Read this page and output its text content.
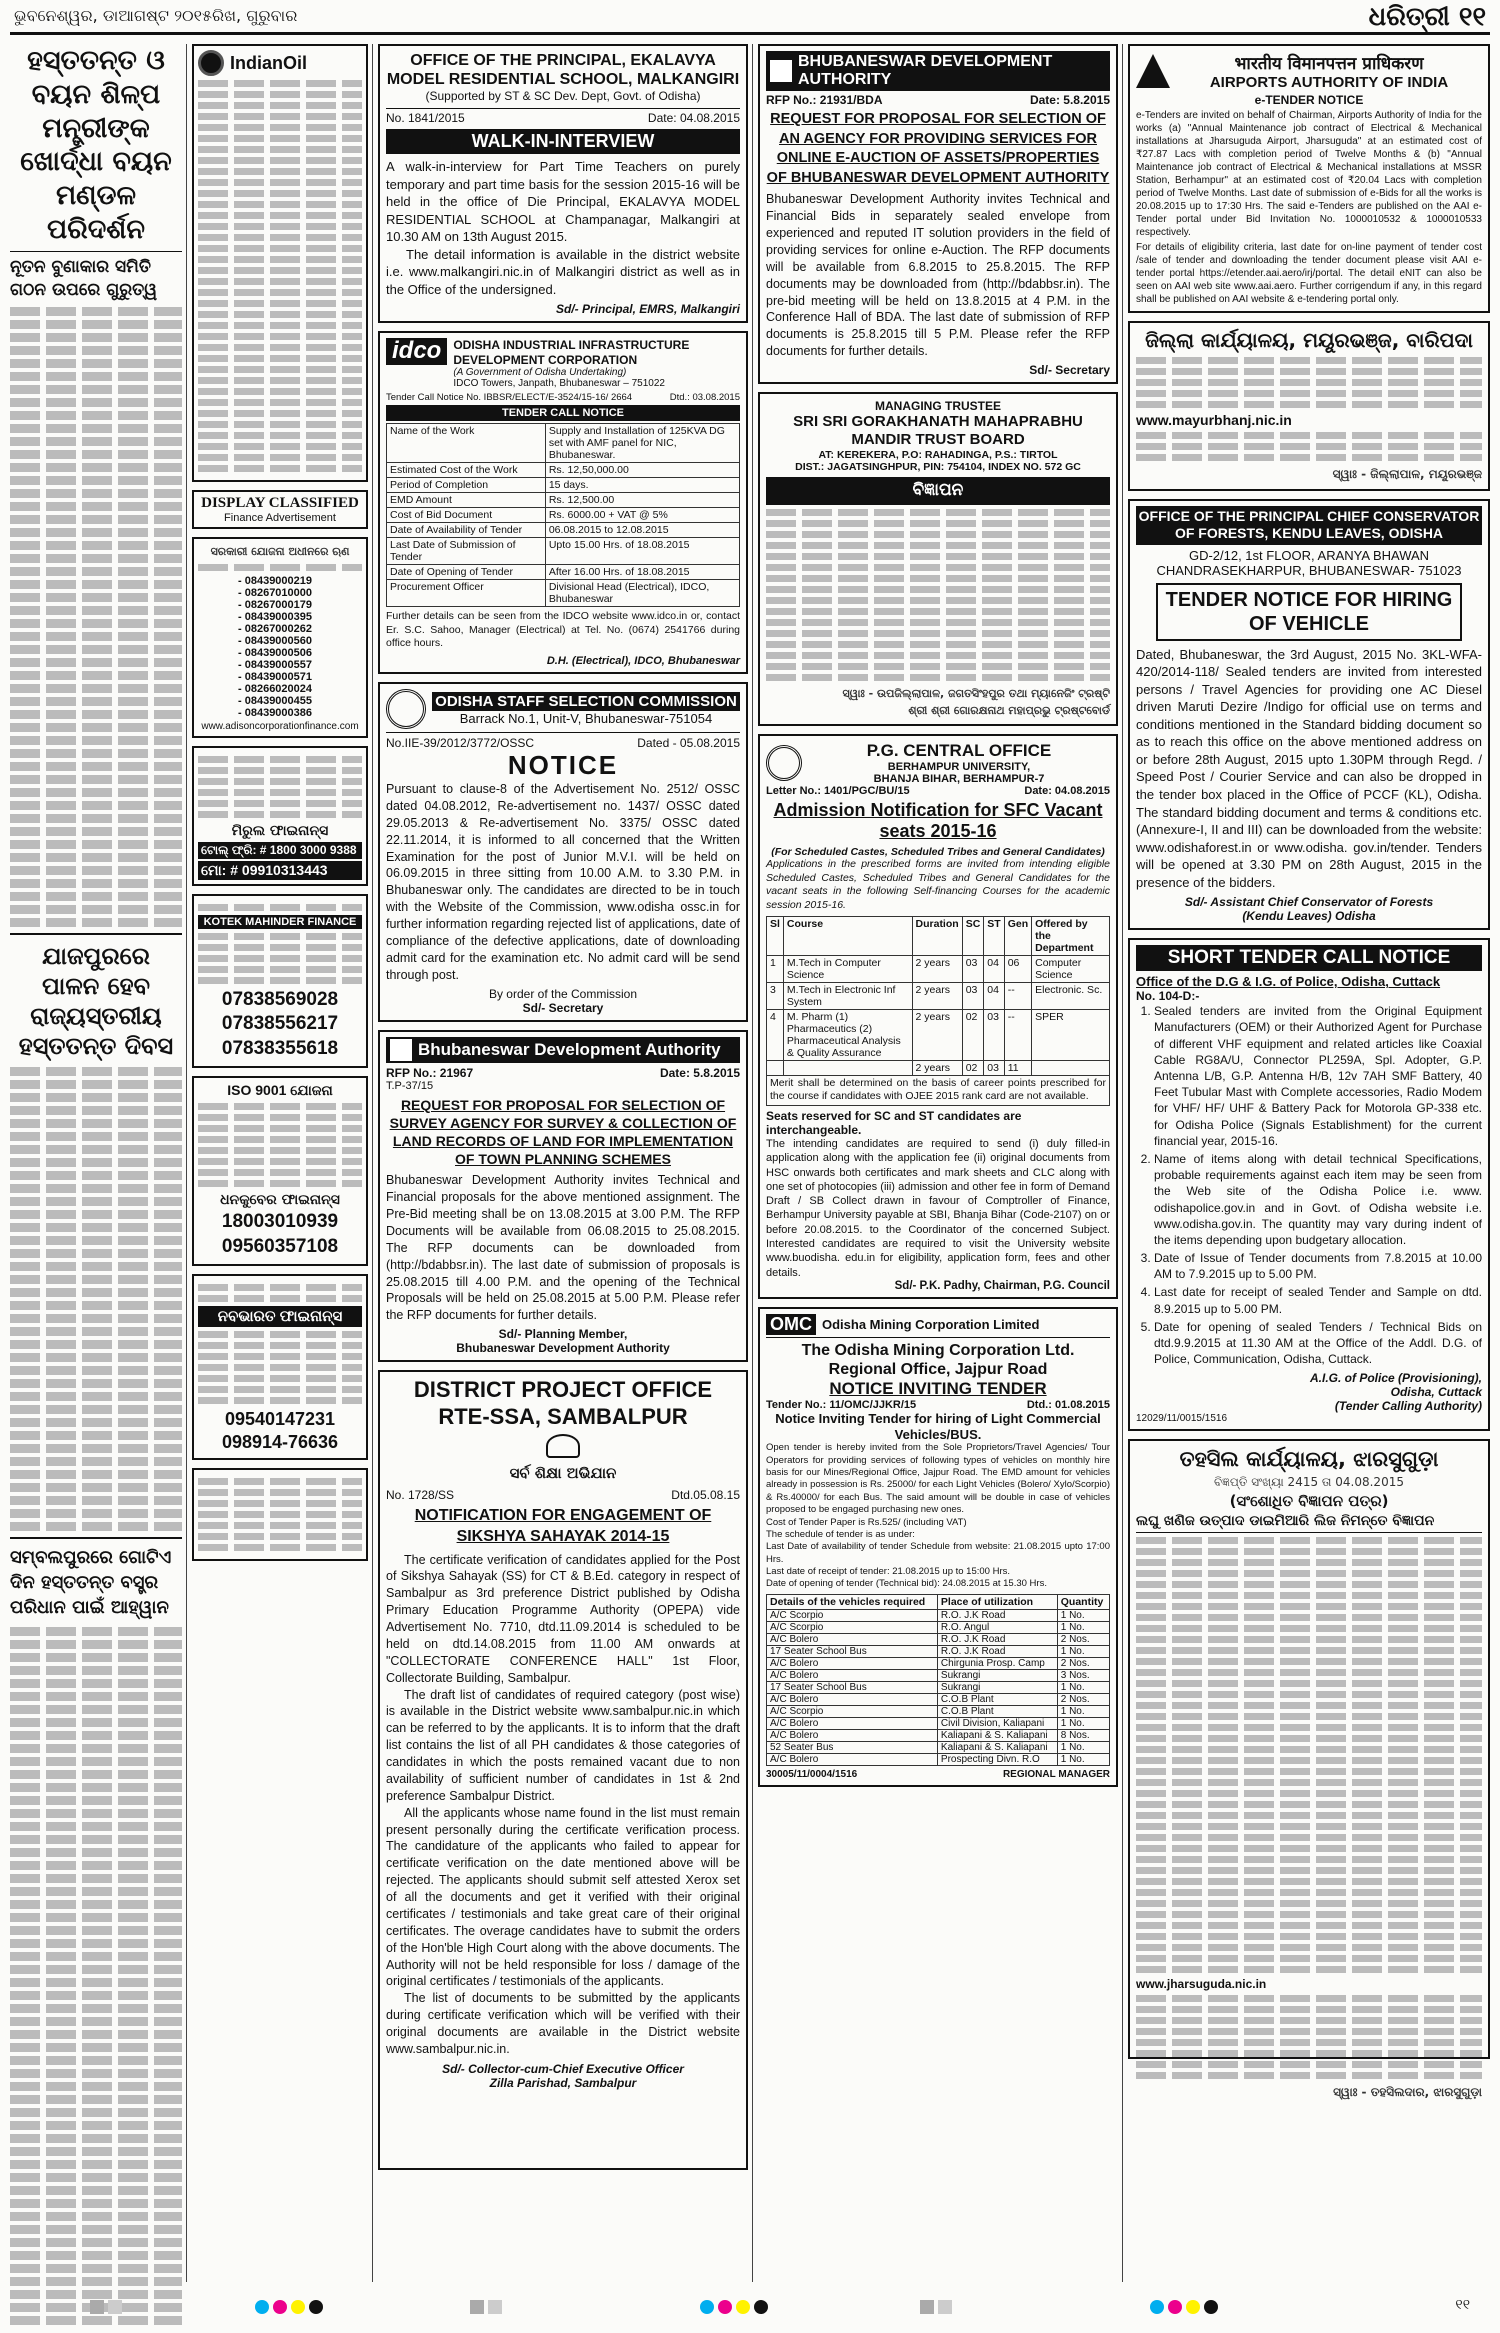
ଭୁବନେଶ୍ୱର, ଡାଆଗଷ୍ଟ ୨୦୧୫ରିଖ, ଗୁରୁବାର	ଧରିତ୍ରୀ ୧୧
ହସ୍ତତନ୍ତ ଓ ବୟନ ଶିଳ୍ପ ମନ୍ତ୍ରୀଙ୍କ ଖୋର୍ଦ୍ଧା ବୟନ ମଣ୍ଡଳ ପରିଦର୍ଶନ
ନୂତନ ବୁଣାକାର ସମିତି ଗଠନ ଉପରେ ଗୁରୁତ୍ୱ
ଯାଜପୁରରେ ପାଳନ ହେବ ରାଜ୍ୟସ୍ତରୀୟ ହସ୍ତତନ୍ତ ଦିବସ
ସମ୍ବଲପୁରରେ ଗୋଟିଏ ଦିନ ହସ୍ତତନ୍ତ ବସ୍ତ୍ର ପରିଧାନ ପାଇଁ ଆହ୍ୱାନ
IndianOil
DISPLAY CLASSIFIED
Finance Advertisement
ସରକାରୀ ଯୋଜନା ଅଧୀନରେ ଋଣ
- 08439000219
- 08267010000
- 08267000179
- 08439000395
- 08267000262
- 08439000560
- 08439000506
- 08439000557
- 08439000571
- 08266020024
- 08439000455
- 08439000386
www.adisoncorporationfinance.com
ମିରୁଲ ଫାଇନାନ୍ସ
ଟୋଲ୍ ଫ୍ରି: # 1800 3000 9388
ମୋ: # 09910313443
KOTEK MAHINDER FINANCE
07838569028
07838556217
07838355618
ISO 9001 ଯୋଜନା
ଧନକୁବେର ଫାଇନାନ୍ସ
18003010939
09560357108
ନବଭାରତ ଫାଇନାନ୍ସ
09540147231
098914-76636
OFFICE OF THE PRINCIPAL, EKALAVYA MODEL RESIDENTIAL SCHOOL, MALKANGIRI
(Supported by ST & SC Dev. Dept, Govt. of Odisha)
No. 1841/2015	Date: 04.08.2015
WALK-IN-INTERVIEW
A walk-in-interview for Part Time Teachers on purely temporary and part time basis for the session 2015-16 will be held in the office of Die Principal, EKALAVYA MODEL RESIDENTIAL SCHOOL at Champanagar, Malkangiri at 10.30 AM on 13th August 2015.
The detail information is available in the district website i.e. www.malkangiri.nic.in of Malkangiri district as well as in the Office of the undersigned.
Sd/- Principal, EMRS, Malkangiri
idco	ODISHA INDUSTRIAL INFRASTRUCTURE DEVELOPMENT CORPORATION
(A Government of Odisha Undertaking)
IDCO Towers, Janpath, Bhubaneswar – 751022
Tender Call Notice No. IBBSR/ELECT/E-3524/15-16/ 2664	Dtd.: 03.08.2015
TENDER CALL NOTICE
Name of the Work	Supply and Installation of 125KVA DG set with AMF panel for NIC, Bhubaneswar.
Estimated Cost of the Work	Rs. 12,50,000.00
Period of Completion	15 days.
EMD Amount	Rs. 12,500.00
Cost of Bid Document	Rs. 6000.00 + VAT @ 5%
Date of Availability of Tender	06.08.2015 to 12.08.2015
Last Date of Submission of Tender	Upto 15.00 Hrs. of 18.08.2015
Date of Opening of Tender	After 16.00 Hrs. of 18.08.2015
Procurement Officer	Divisional Head (Electrical), IDCO, Bhubaneswar
Further details can be seen from the IDCO website www.idco.in or, contact Er. S.C. Sahoo, Manager (Electrical) at Tel. No. (0674) 2541766 during office hours.
D.H. (Electrical), IDCO, Bhubaneswar
ODISHA STAFF SELECTION COMMISSION
Barrack No.1, Unit-V, Bhubaneswar-751054
No.IIE-39/2012/3772/OSSC	Dated - 05.08.2015
NOTICE
Pursuant to clause-8 of the Advertisement No. 2512/ OSSC dated 04.08.2012, Re-advertisement no. 1437/ OSSC dated 29.05.2013 & Re-advertisement No. 3375/ OSSC dated 22.11.2014, it is informed to all concerned that the Written Examination for the post of Junior M.V.I. will be held on 06.09.2015 in three sitting from 10.00 A.M. to 3.30 P.M. in Bhubaneswar only. The candidates are directed to be in touch with the Website of the Commission, www.odisha ossc.in for further information regarding rejected list of applications, date of compliance of the defective applications, date of downloading admit card for the examination etc. No admit card will be send through post.
By order of the Commission
Sd/- Secretary
Bhubaneswar Development Authority
RFP No.: 21967	Date: 5.8.2015
T.P-37/15
REQUEST FOR PROPOSAL FOR SELECTION OF SURVEY AGENCY FOR SURVEY & COLLECTION OF LAND RECORDS OF LAND FOR IMPLEMENTATION OF TOWN PLANNING SCHEMES
Bhubaneswar Development Authority invites Technical and Financial proposals for the above mentioned assignment. The Pre-Bid meeting shall be on 13.08.2015 at 3.00 P.M. The RFP Documents will be available from 06.08.2015 to 25.08.2015. The RFP documents can be downloaded from (http://bdabbsr.in). The last date of submission of proposals is 25.08.2015 till 4.00 P.M. and the opening of the Technical Proposals will be held on 25.08.2015 at 5.00 P.M. Please refer the RFP documents for further details.
Sd/- Planning Member,
Bhubaneswar Development Authority
DISTRICT PROJECT OFFICE RTE-SSA, SAMBALPUR
ସର୍ବ ଶିକ୍ଷା ଅଭିଯାନ
No. 1728/SS	Dtd.05.08.15
NOTIFICATION FOR ENGAGEMENT OF SIKSHYA SAHAYAK 2014-15
The certificate verification of candidates applied for the Post of Sikshya Sahayak (SS) for CT & B.Ed. category in respect of Sambalpur as 3rd preference District published by Odisha Primary Education Programme Authority (OPEPA) vide Advertisement No. 7710, dtd.11.09.2014 is scheduled to be held on dtd.14.08.2015 from 11.00 AM onwards at "COLLECTORATE CONFERENCE HALL" 1st Floor, Collectorate Building, Sambalpur.
The draft list of candidates of required category (post wise) is available in the District website www.sambalpur.nic.in which can be referred to by the applicants. It is to inform that the draft list contains the list of all PH candidates & those categories of candidates in which the posts remained vacant due to non availability of sufficient number of candidates in 1st & 2nd preference Sambalpur District.
All the applicants whose name found in the list must remain present personally during the certificate verification process. The candidature of the applicants who failed to appear for certificate verification on the date mentioned above will be rejected. The applicants should submit self attested Xerox set of all the documents and get it verified with their original certificates / testimonials and take great care of their original certificates. The overage candidates have to submit the orders of the Hon'ble High Court along with the above documents. The Authority will not be held responsible for loss / damage of the original certificates / testimonials of the applicants.
The list of documents to be submitted by the applicants during certificate verification which will be verified with their original documents are available in the District website www.sambalpur.nic.in.
Sd/- Collector-cum-Chief Executive Officer
Zilla Parishad, Sambalpur
BHUBANESWAR DEVELOPMENT AUTHORITY
RFP No.: 21931/BDA	Date: 5.8.2015
REQUEST FOR PROPOSAL FOR SELECTION OF AN AGENCY FOR PROVIDING SERVICES FOR ONLINE E-AUCTION OF ASSETS/PROPERTIES OF BHUBANESWAR DEVELOPMENT AUTHORITY
Bhubaneswar Development Authority invites Technical and Financial Bids in separately sealed envelope from experienced and reputed IT solution providers in the field of providing services for online e-Auction. The RFP documents will be available from 6.8.2015 to 25.8.2015. The RFP documents may be downloaded from (http://bdabbsr.in). The pre-bid meeting will be held on 13.8.2015 at 4 P.M. in the Conference Hall of BDA. The last date of submission of RFP documents is 25.8.2015 till 5 P.M. Please refer the RFP documents for further details.
Sd/- Secretary
MANAGING TRUSTEE
SRI SRI GORAKHANATH MAHAPRABHU MANDIR TRUST BOARD
AT: KEREKERA, P.O: RAHADINGA, P.S.: TIRTOL
DIST.: JAGATSINGHPUR, PIN: 754104, INDEX NO. 572 GC
ବିଜ୍ଞାପନ
ସ୍ୱାଃ - ଉପଜିଲ୍ଲାପାଳ, ଜଗତସିଂହପୁର ତଥା ମ୍ୟାନେଜିଂ ଟ୍ରଷ୍ଟି
ଶ୍ରୀ ଶ୍ରୀ ଗୋରକ୍ଷନାଥ ମହାପ୍ରଭୁ ଟ୍ରଷ୍ଟବୋର୍ଡ
P.G. CENTRAL OFFICE
BERHAMPUR UNIVERSITY,
BHANJA BIHAR, BERHAMPUR-7
Letter No.: 1401/PGC/BU/15	Date: 04.08.2015
Admission Notification for SFC Vacant seats 2015-16
(For Scheduled Castes, Scheduled Tribes and General Candidates)
Applications in the prescribed forms are invited from intending eligible Scheduled Castes, Scheduled Tribes and General Candidates for the vacant seats in the following Self-financing Courses for the academic session 2015-16.
Sl	Course	Duration	SC	ST	Gen	Offered by the Department
1	M.Tech in Computer Science	2 years	03	04	06	Computer Science
3	M.Tech in Electronic Inf System	2 years	03	04	--	Electronic. Sc.
4	M. Pharm (1) Pharmaceutics (2) Pharmaceutical Analysis & Quality Assurance	2 years	02	03	--	SPER
		2 years	02	03	11	
Merit shall be determined on the basis of career points prescribed for the course if candidates with OJEE 2015 rank card are not available.
Seats reserved for SC and ST candidates are interchangeable.
The intending candidates are required to send (i) duly filled-in application along with the application fee (ii) original documents from HSC onwards both certificates and mark sheets and CLC along with one set of photocopies (iii) admission and other fee in form of Demand Draft / SB Collect drawn in favour of Comptroller of Finance, Berhampur University payable at SBI, Bhanja Bihar (Code-2107) on or before 20.08.2015. to the Coordinator of the concerned Subject. Interested candidates are required to visit the University website www.buodisha. edu.in for eligibility, application form, fees and other details.
Sd/- P.K. Padhy, Chairman, P.G. Council
OMC Odisha Mining Corporation Limited
The Odisha Mining Corporation Ltd. Regional Office, Jajpur Road
NOTICE INVITING TENDER
Tender No.: 11/OMC/JJKR/15	Dtd.: 01.08.2015
Notice Inviting Tender for hiring of Light Commercial Vehicles/BUS.
Open tender is hereby invited from the Sole Proprietors/Travel Agencies/ Tour Operators for providing services of following types of vehicles on monthly hire basis for our Mines/Regional Office, Jajpur Road. The EMD amount for vehicles already in possession is Rs. 25000/ for each Light Vehicles (Bolero/ Xylo/Scorpio) & Rs.40000/ for each Bus. The said amount will be double in case of vehicles proposed to be engaged purchasing new ones.
Cost of Tender Paper is Rs.525/ (including VAT)
The schedule of tender is as under:
Last Date of availability of tender Schedule from website: 21.08.2015 upto 17:00 Hrs.
Last date of receipt of tender: 21.08.2015 up to 15:00 Hrs.
Date of opening of tender (Technical bid): 24.08.2015 at 15.30 Hrs.
Details of the vehicles required	Place of utilization	Quantity
A/C Scorpio	R.O. J.K Road	1 No.
A/C Scorpio	R.O. Angul	1 No.
A/C Bolero	R.O. J.K Road	2 Nos.
17 Seater School Bus	R.O. J.K Road	1 No.
A/C Bolero	Chirgunia Prosp. Camp	2 Nos.
A/C Bolero	Sukrangi	3 Nos.
17 Seater School Bus	Sukrangi	1 No.
A/C Bolero	C.O.B Plant	2 Nos.
A/C Scorpio	C.O.B Plant	1 No.
A/C Bolero	Civil Division, Kaliapani	1 No.
A/C Bolero	Kaliapani & S. Kaliapani	8 Nos.
52 Seater Bus	Kaliapani & S. Kaliapani	1 No.
A/C Bolero	Prospecting Divn. R.O	1 No.
30005/11/0004/1516	REGIONAL MANAGER
भारतीय विमानपत्तन प्राधिकरण
AIRPORTS AUTHORITY OF INDIA
e-TENDER NOTICE
e-Tenders are invited on behalf of Chairman, Airports Authority of India for the works (a) "Annual Maintenance job contract of Electrical & Mechanical installations at Jharsuguda Airport, Jharsuguda" at an estimated cost of ₹27.87 Lacs with completion period of Twelve Months & (b) "Annual Maintenance job contract of Electrical & Mechanical installations at MSSR Station, Berhampur" at an estimated cost of ₹20.04 Lacs with completion period of Twelve Months. Last date of submission of e-Bids for all the works is 20.08.2015 up to 17:30 Hrs. The said e-Tenders are published on the AAI e-Tender portal under Bid Invitation No. 1000010532 & 1000010533 respectively.
For details of eligibility criteria, last date for on-line payment of tender cost /sale of tender and downloading the tender document please visit AAI e-tender portal https://etender.aai.aero/irj/portal. The detail eNIT can also be seen on AAI web site www.aai.aero. Further corrigendum if any, in this regard shall be published on AAI website & e-tendering portal only.
ଜିଲ୍ଲା କାର୍ଯ୍ୟାଳୟ, ମୟୂରଭଞ୍ଜ, ବାରିପଦା
www.mayurbhanj.nic.in
ସ୍ୱାଃ - ଜିଲ୍ଲାପାଳ, ମୟୂରଭଞ୍ଜ
OFFICE OF THE PRINCIPAL CHIEF CONSERVATOR OF FORESTS, KENDU LEAVES, ODISHA
GD-2/12, 1st FLOOR, ARANYA BHAWAN
CHANDRASEKHARPUR, BHUBANESWAR- 751023
TENDER NOTICE FOR HIRING OF VEHICLE
Dated, Bhubaneswar, the 3rd August, 2015 No. 3KL-WFA-420/2014-118/ Sealed tenders are invited from interested persons / Travel Agencies for providing one AC Diesel driven Maruti Dezire /Indigo for official use on terms and conditions mentioned in the Standard bidding document so as to reach this office on the above mentioned address on or before 28th August, 2015 upto 1.30PM through Regd. / Speed Post / Courier Service and can also be dropped in the tender box placed in the Office of PCCF (KL), Odisha. The standard bidding document and terms & conditions etc. (Annexure-I, II and III) can be downloaded from the website: www.odishaforest.in or www.odisha. gov.in/tender. Tenders will be opened at 3.30 PM on 28th August, 2015 in the presence of the bidders.
Sd/- Assistant Chief Conservator of Forests
(Kendu Leaves) Odisha
SHORT TENDER CALL NOTICE
Office of the D.G & I.G. of Police, Odisha, Cuttack
No. 104-D:-
1. Sealed tenders are invited from the Original Equipment Manufacturers (OEM) or their Authorized Agent for Purchase of different VHF equipment and related articles like Coaxial Cable RG8A/U, Connector PL259A, Spl. Adopter, G.P. Antenna L/B, G.P. Antenna H/B, 12v 7AH SMF Battery, 40 Feet Tubular Mast with Complete accessories, Radio Modem for VHF/ HF/ UHF & Battery Pack for Motorola GP-338 etc. for Odisha Police (Signals Establishment) for the current financial year, 2015-16.
2. Name of items along with detail technical Specifications, probable requirements against each item may be seen from the Web site of the Odisha Police i.e. www. odishapolice.gov.in and in Govt. of Odisha website i.e. www.odisha.gov.in. The quantity may vary during indent of the items depending upon budgetary allocation.
3. Date of Issue of Tender documents from 7.8.2015 at 10.00 AM to 7.9.2015 up to 5.00 PM.
4. Last date for receipt of sealed Tender and Sample on dtd. 8.9.2015 up to 5.00 PM.
5. Date for opening of sealed Tenders / Technical Bids on dtd.9.9.2015 at 11.30 AM at the Office of the Addl. D.G. of Police, Communication, Odisha, Cuttack.
A.I.G. of Police (Provisioning),
Odisha, Cuttack
(Tender Calling Authority)
12029/11/0015/1516
ତହସିଲ କାର୍ଯ୍ୟାଳୟ, ଝାରସୁଗୁଡ଼ା
ବିଜ୍ଞପ୍ତି ସଂଖ୍ୟା 2415 ତା 04.08.2015
(ସଂଶୋଧିତ ବିଜ୍ଞାପନ ପତ୍ର)
ଲଘୁ ଖଣିଜ ଉତ୍ପାଦ ଡାଇମିଆରି ଲିଜ ନିମନ୍ତେ ବିଜ୍ଞାପନ
www.jharsuguda.nic.in
ସ୍ୱାଃ - ତହସିଲଦାର, ଝାରସୁଗୁଡ଼ା
୧୧
